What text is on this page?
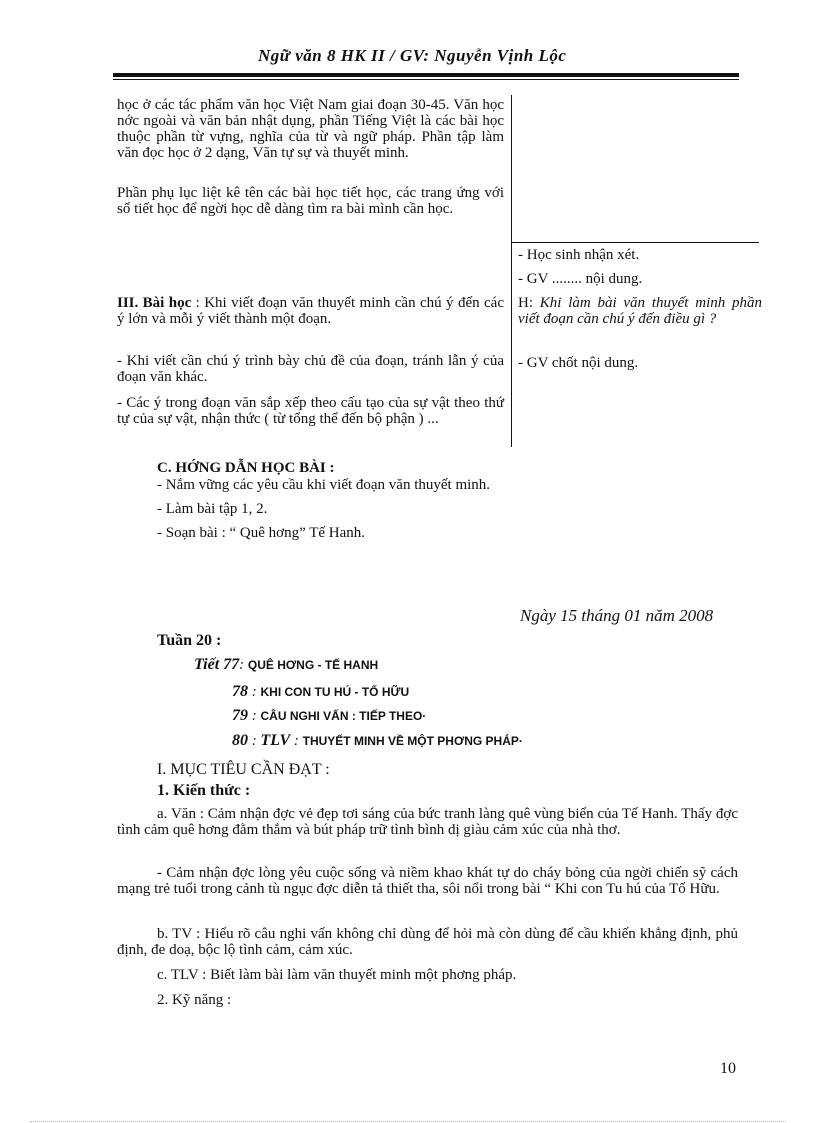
Ngữ văn 8 HK II / GV: Nguyễn Vịnh Lộc
học ở các tác phẩm văn học Việt Nam giai đoạn 30-45. Văn học nớc ngoài và văn bản nhật dụng, phần Tiếng Việt là các bài học thuộc phần từ vựng, nghĩa của từ và ngữ pháp. Phần tập làm văn đọc học ở 2 dạng, Văn tự sự và thuyết minh.
Phần phụ lục liệt kê tên các bài học tiết học, các trang ứng với số tiết học để ngời học dễ dàng tìm ra bài mình cần học.
III. Bài học : Khi viết đoạn văn thuyết minh cần chú ý đến các ý lớn và mỗi ý viết thành một đoạn.
- Khi viết cần chú ý trình bày chủ đề của đoạn, tránh lẫn ý của đoạn văn khác.
- Các ý trong đoạn văn sắp xếp theo cấu tạo của sự vật theo thứ tự của sự vật, nhận thức ( từ tổng thể đến bộ phận ) ...
- Học sinh nhận xét.
- GV ........ nội dung.
H: Khi làm bài văn thuyết minh phần viết đoạn cần chú ý đến điều gì ?
- GV chốt nội dung.
C. HỚNG DẪN HỌC BÀI :
- Nắm vững các yêu cầu khi viết đoạn văn thuyết minh.
- Làm bài tập 1, 2.
- Soạn bài : “ Quê hơng” Tế Hanh.
Ngày 15 tháng 01 năm 2008
Tuần 20 :
Tiết 77: QUÊ HƠNG - TẾ HANH
78 : KHI CON TU HÚ - TỐ HỮU
79 : CÂU NGHI VẤN : TIẾP THEO·
80 : TLV : THUYẾT MINH VỀ MỘT PHƠNG PHÁP·
I. MỤC TIÊU CẦN ĐẠT :
1. Kiến thức :
a. Văn : Cảm nhận đợc vẻ đẹp tơi sáng của bức tranh làng quê vùng biển của Tế Hanh. Thấy đợc tình cảm quê hơng đằm thắm và bút pháp trữ tình bình dị giàu cảm xúc của nhà thơ.
- Cảm nhận đợc lòng yêu cuộc sống và niềm khao khát tự do cháy bỏng của ngời chiến sỹ cách mạng trẻ tuổi trong cảnh tù ngục đợc diễn tả thiết tha, sôi nổi trong bài “ Khi con Tu hú của Tố Hữu.
b. TV : Hiểu rõ câu nghi vấn không chỉ dùng để hỏi mà còn dùng để cầu khiến khẳng định, phủ định, đe doạ, bộc lộ tình cảm, cảm xúc.
c. TLV : Biết làm bài làm văn thuyết minh một phơng pháp.
2. Kỹ năng :
10
